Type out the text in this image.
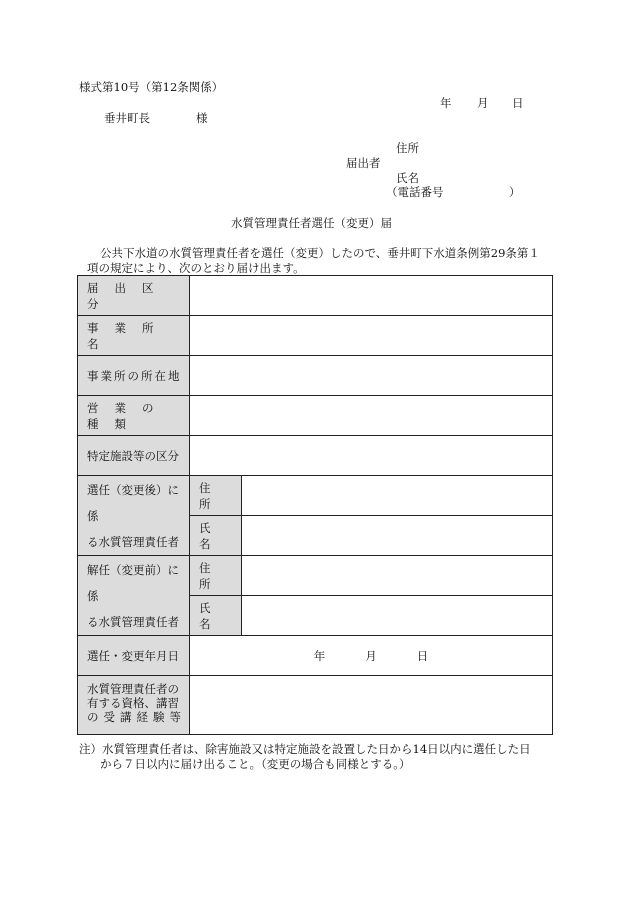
様式第10号（第12条関係）
年 月 日
垂井町長	様
住所
届出者
氏名
（電話番号	）
水質管理責任者選任（変更）届
公共下水道の水質管理責任者を選任（変更）したので、垂井町下水道条例第29条第１
項の規定により、次のとおり届け出ます。
届出区分		
事業所名		
事業所の所在地		
営業の種類		
特定施設等の区分		
選任（変更後）に係
る水質管理責任者	住所	
	氏名	
解任（変更前）に係
る水質管理責任者	住所	
	氏名	
選任・変更年月日	年 月 日	
水質管理責任者の
有する資格、講習
の受講経験等		
注）水質管理責任者は、除害施設又は特定施設を設置した日から14日以内に選任した日
から７日以内に届け出ること。（変更の場合も同様とする。）
